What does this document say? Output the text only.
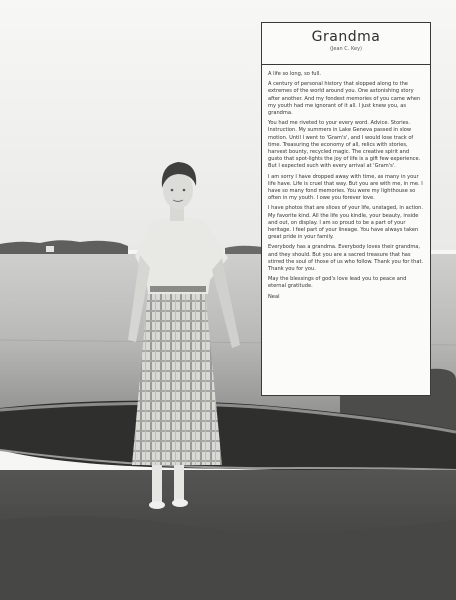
Grandma
(Jean C. Key)

A life so long, so full.

A century of personal history that slopped along to the extremes of the world around you. One astonishing story after another. And my fondest memories of you came when my youth had me ignorant of it all. I just knew you, as grandma.

You had me riveted to your every word. Advice. Stories. Instruction. My summers in Lake Geneva passed in slow motion. Until I went to 'Gram's', and I would lose track of time. Treasuring the economy of all, relics with stories, harvest bounty, recycled magic. The creative spirit and gusto that spot-lights the joy of life is a gift few experience. But I expected such with every arrival at 'Gram's'.

I am sorry I have dropped away with time, as many in your life have. Life is cruel that way. But you are with me, in me. I have so many fond memories. You were my lighthouse so often in my youth. I owe you forever love.

I have photos that are slices of your life, unstaged, in action. My favorite kind. All the life you kindle, your beauty, inside and out, on display. I am so proud to be a part of your heritage. I feel part of your lineage. You have always taken great pride in your family.

Everybody has a grandma. Everybody loves their grandma, and they should. But you are a sacred treasure that has stirred the soul of those of us who follow. Thank you for that. Thank you for you.

May the blessings of god's love lead you to peace and eternal gratitude.

Neal
